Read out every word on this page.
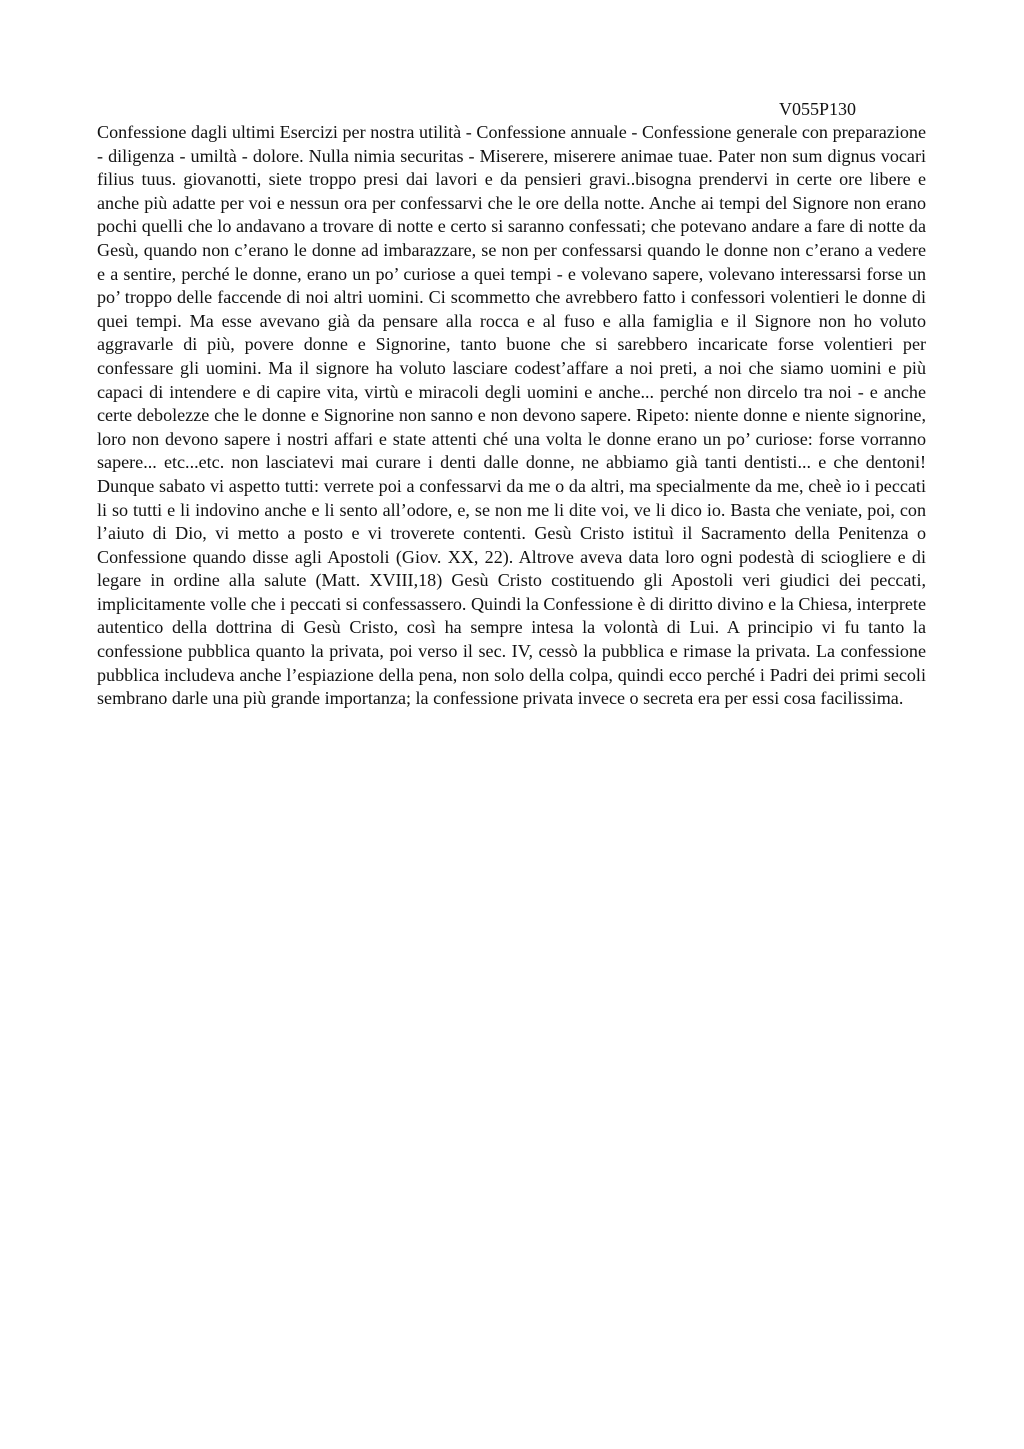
V055P130

Confessione dagli ultimi Esercizi per nostra utilità - Confessione annuale - Confessione generale con preparazione - diligenza - umiltà - dolore. Nulla nimia securitas - Miserere, miserere animae tuae. Pater non sum dignus vocari filius tuus. giovanotti, siete troppo presi dai lavori e da pensieri gravi..bisogna prendervi in certe ore libere e anche più adatte per voi e nessun ora per confessarvi che le ore della notte. Anche ai tempi del Signore non erano pochi quelli che lo andavano a trovare di notte e certo si saranno confessati; che potevano andare a fare di notte da Gesù, quando non c’erano le donne ad imbarazzare, se non per confessarsi quando le donne non c’erano a vedere e a sentire, perché le donne, erano un po’ curiose a quei tempi - e volevano sapere, volevano interessarsi forse un po’ troppo delle faccende di noi altri uomini. Ci scommetto che avrebbero fatto i confessori volentieri le donne di quei tempi. Ma esse avevano già da pensare alla rocca e al fuso e alla famiglia e il Signore non ho voluto aggravarle di più, povere donne e Signorine, tanto buone che si sarebbero incaricate forse volentieri per confessare gli uomini. Ma il signore ha voluto lasciare codest’affare a noi preti, a noi che siamo uomini e più capaci di intendere e di capire vita, virtù e miracoli degli uomini e anche... perché non dircelo tra noi - e anche certe debolezze che le donne e Signorine non sanno e non devono sapere. Ripeto: niente donne e niente signorine, loro non devono sapere i nostri affari e state attenti ché una volta le donne erano un po’ curiose: forse vorranno sapere... etc...etc. non lasciatevi mai curare i denti dalle donne, ne abbiamo già tanti dentisti... e che dentoni! Dunque sabato vi aspetto tutti: verrete poi a confessarvi da me o da altri, ma specialmente da me, cheè io i peccati li so tutti e li indovino anche e li sento all’odore, e, se non me li dite voi, ve li dico io. Basta che veniate, poi, con l’aiuto di Dio, vi metto a posto e vi troverete contenti. Gesù Cristo istituì il Sacramento della Penitenza o Confessione quando disse agli Apostoli (Giov. XX, 22). Altrove aveva data loro ogni podestà di sciogliere e di legare in ordine alla salute (Matt. XVIII,18) Gesù Cristo costituendo gli Apostoli veri giudici dei peccati, implicitamente volle che i peccati si confessassero. Quindi la Confessione è di diritto divino e la Chiesa, interprete autentico della dottrina di Gesù Cristo, così ha sempre intesa la volontà di Lui. A principio vi fu tanto la confessione pubblica quanto la privata, poi verso il sec. IV, cessò la pubblica e rimase la privata. La confessione pubblica includeva anche l’espiazione della pena, non solo della colpa, quindi ecco perché i Padri dei primi secoli sembrano darle una più grande importanza; la confessione privata invece o secreta era per essi cosa facilissima.
